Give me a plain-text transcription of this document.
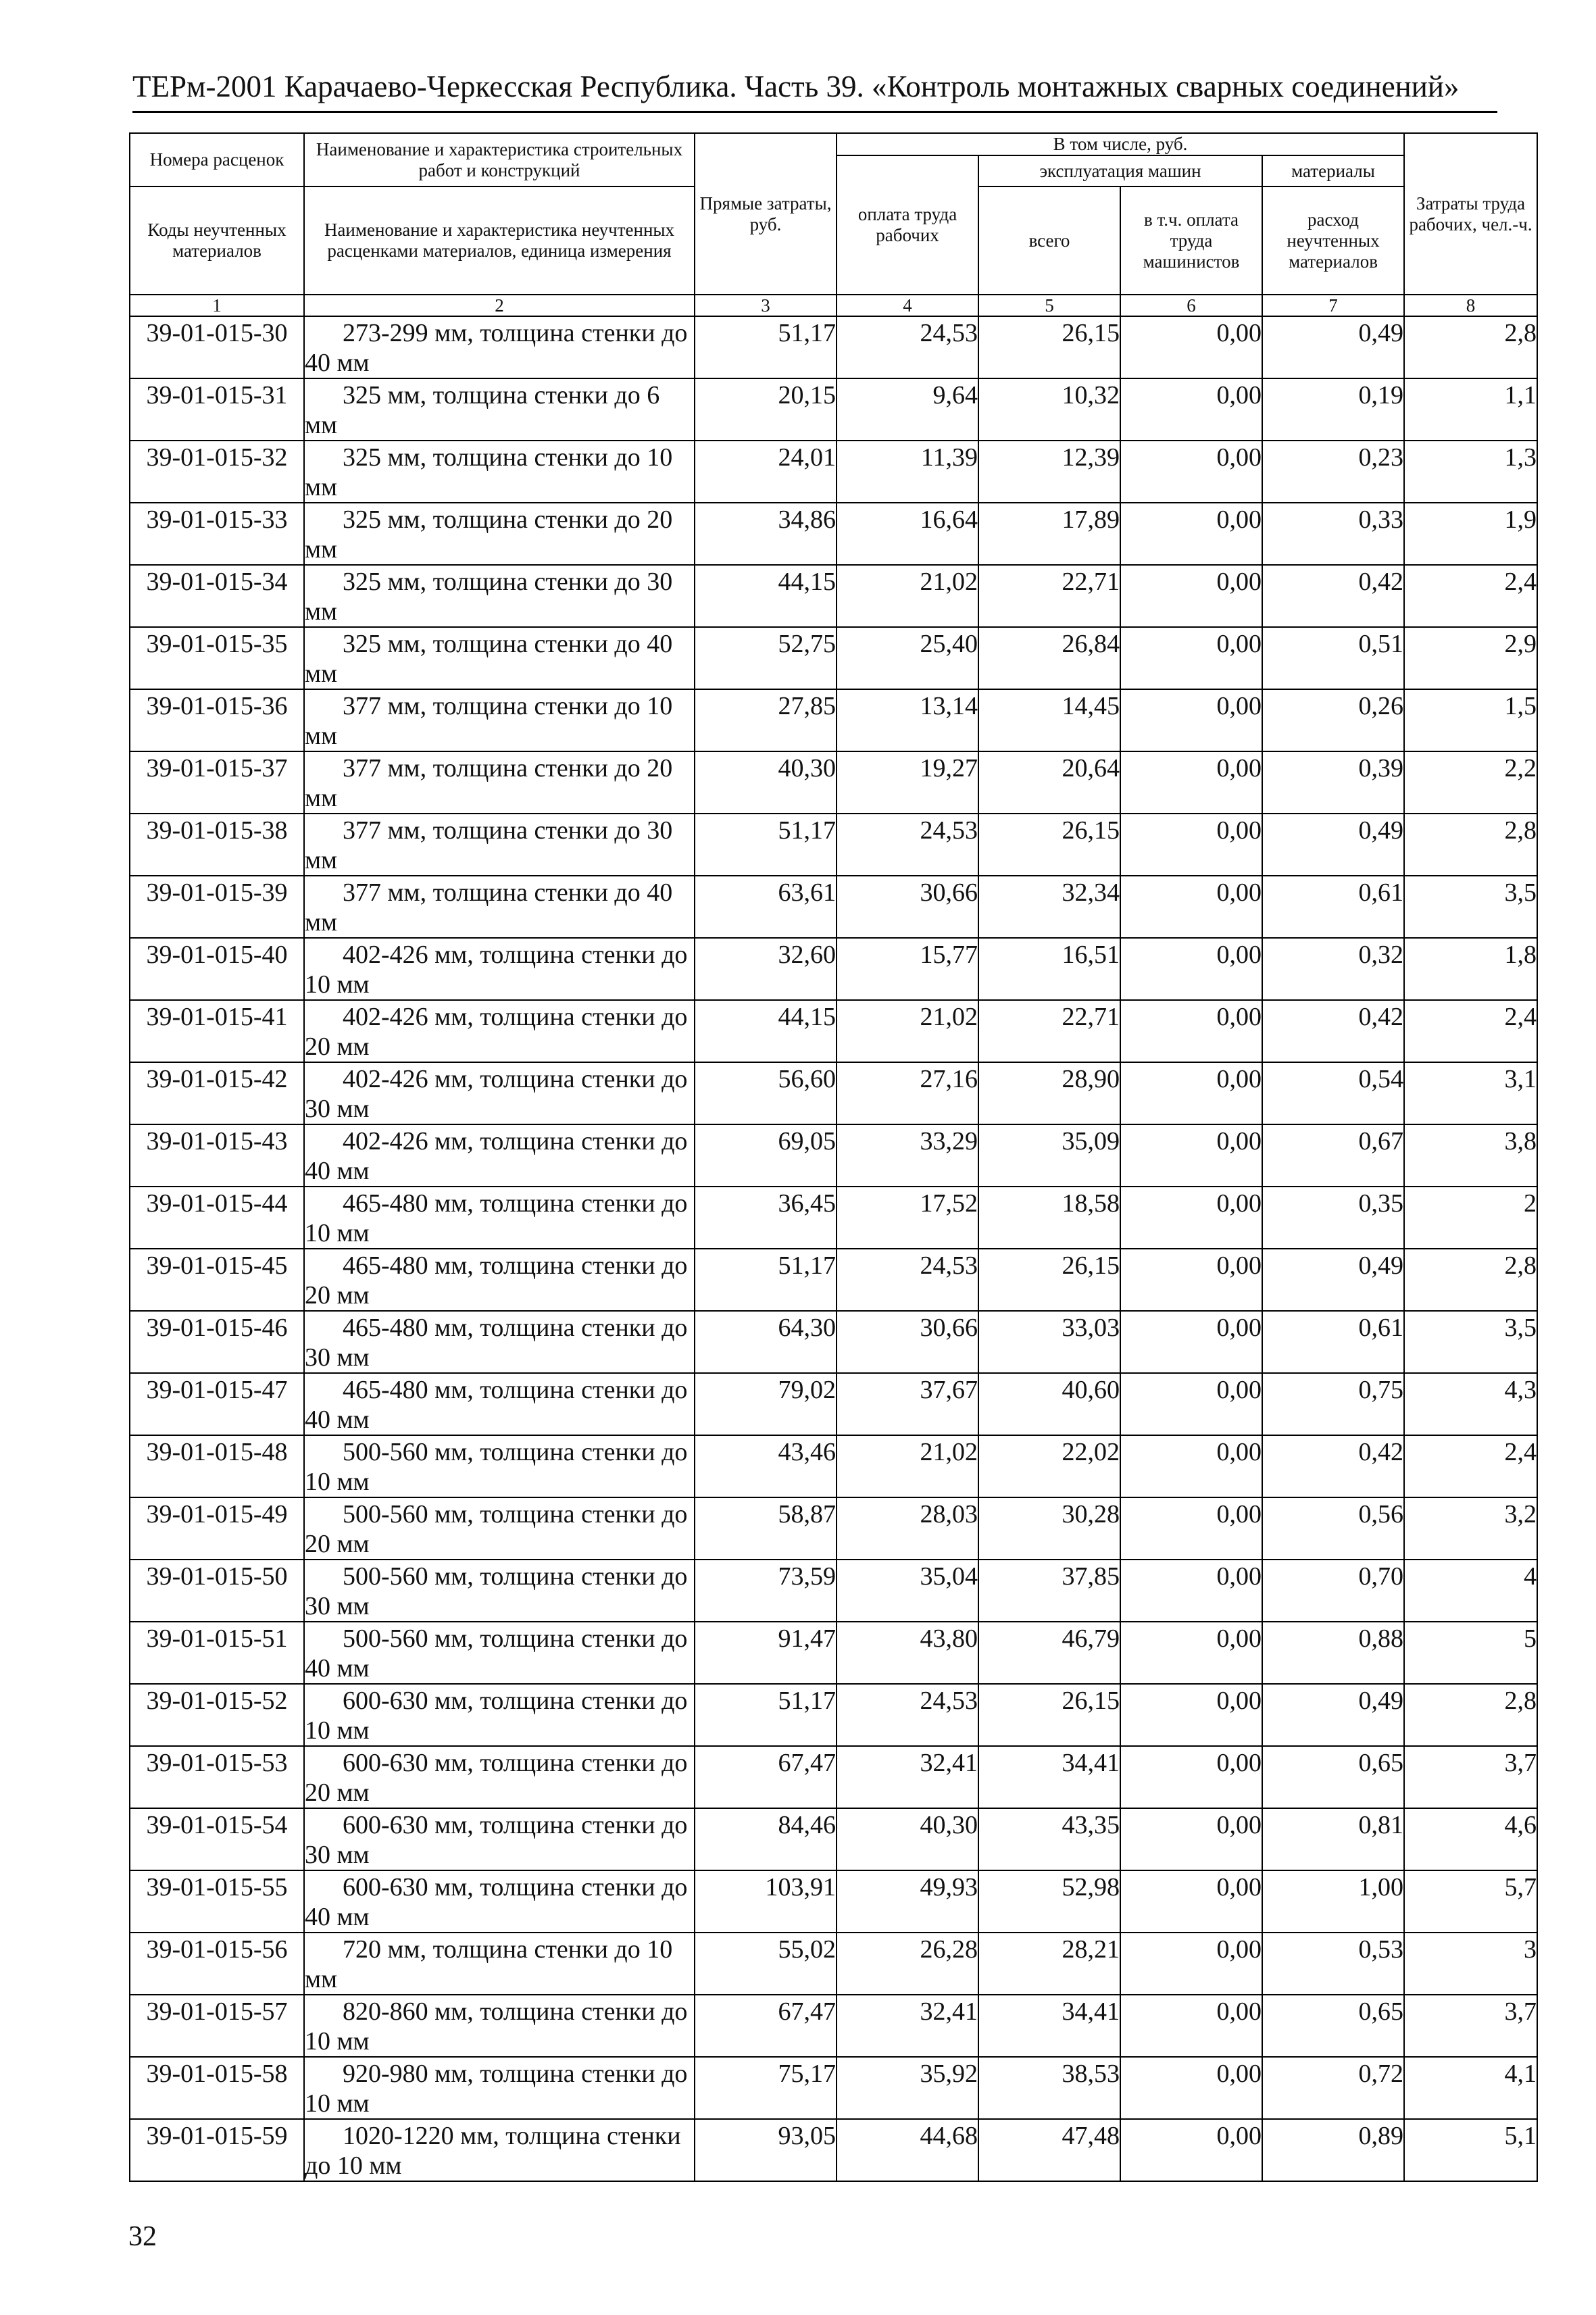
ТЕРм-2001 Карачаево-Черкесская Республика. Часть 39. «Контроль монтажных сварных соединений»
Номера расценок	Наименование и характеристика строительных работ и конструкций	Прямые затраты, руб.	В том числе, руб.				Затраты труда рабочих, чел.-ч.
			оплата труда рабочих	эксплуатация машин		материалы	
Коды неучтенных материалов	Наименование и характеристика неучтенных расценками материалов, единица измерения			всего	в т.ч. оплата труда машинистов	расход неучтенных материалов	

1	2	3	4	5	6	7	8
39-01-015-30	273-299 мм, толщина стенки до 40 мм	51,17	24,53	26,15	0,00	0,49	2,8
39-01-015-31	325 мм, толщина стенки до 6 мм	20,15	9,64	10,32	0,00	0,19	1,1
39-01-015-32	325 мм, толщина стенки до 10 мм	24,01	11,39	12,39	0,00	0,23	1,3
39-01-015-33	325 мм, толщина стенки до 20 мм	34,86	16,64	17,89	0,00	0,33	1,9
39-01-015-34	325 мм, толщина стенки до 30 мм	44,15	21,02	22,71	0,00	0,42	2,4
39-01-015-35	325 мм, толщина стенки до 40 мм	52,75	25,40	26,84	0,00	0,51	2,9
39-01-015-36	377 мм, толщина стенки до 10 мм	27,85	13,14	14,45	0,00	0,26	1,5
39-01-015-37	377 мм, толщина стенки до 20 мм	40,30	19,27	20,64	0,00	0,39	2,2
39-01-015-38	377 мм, толщина стенки до 30 мм	51,17	24,53	26,15	0,00	0,49	2,8
39-01-015-39	377 мм, толщина стенки до 40 мм	63,61	30,66	32,34	0,00	0,61	3,5
39-01-015-40	402-426 мм, толщина стенки до 10 мм	32,60	15,77	16,51	0,00	0,32	1,8
39-01-015-41	402-426 мм, толщина стенки до 20 мм	44,15	21,02	22,71	0,00	0,42	2,4
39-01-015-42	402-426 мм, толщина стенки до 30 мм	56,60	27,16	28,90	0,00	0,54	3,1
39-01-015-43	402-426 мм, толщина стенки до 40 мм	69,05	33,29	35,09	0,00	0,67	3,8
39-01-015-44	465-480 мм, толщина стенки до 10 мм	36,45	17,52	18,58	0,00	0,35	2
39-01-015-45	465-480 мм, толщина стенки до 20 мм	51,17	24,53	26,15	0,00	0,49	2,8
39-01-015-46	465-480 мм, толщина стенки до 30 мм	64,30	30,66	33,03	0,00	0,61	3,5
39-01-015-47	465-480 мм, толщина стенки до 40 мм	79,02	37,67	40,60	0,00	0,75	4,3
39-01-015-48	500-560 мм, толщина стенки до 10 мм	43,46	21,02	22,02	0,00	0,42	2,4
39-01-015-49	500-560 мм, толщина стенки до 20 мм	58,87	28,03	30,28	0,00	0,56	3,2
39-01-015-50	500-560 мм, толщина стенки до 30 мм	73,59	35,04	37,85	0,00	0,70	4
39-01-015-51	500-560 мм, толщина стенки до 40 мм	91,47	43,80	46,79	0,00	0,88	5
39-01-015-52	600-630 мм, толщина стенки до 10 мм	51,17	24,53	26,15	0,00	0,49	2,8
39-01-015-53	600-630 мм, толщина стенки до 20 мм	67,47	32,41	34,41	0,00	0,65	3,7
39-01-015-54	600-630 мм, толщина стенки до 30 мм	84,46	40,30	43,35	0,00	0,81	4,6
39-01-015-55	600-630 мм, толщина стенки до 40 мм	103,91	49,93	52,98	0,00	1,00	5,7
39-01-015-56	720 мм, толщина стенки до 10 мм	55,02	26,28	28,21	0,00	0,53	3
39-01-015-57	820-860 мм, толщина стенки до 10 мм	67,47	32,41	34,41	0,00	0,65	3,7
39-01-015-58	920-980 мм, толщина стенки до 10 мм	75,17	35,92	38,53	0,00	0,72	4,1
39-01-015-59	1020-1220 мм, толщина стенки до 10 мм	93,05	44,68	47,48	0,00	0,89	5,1
32
